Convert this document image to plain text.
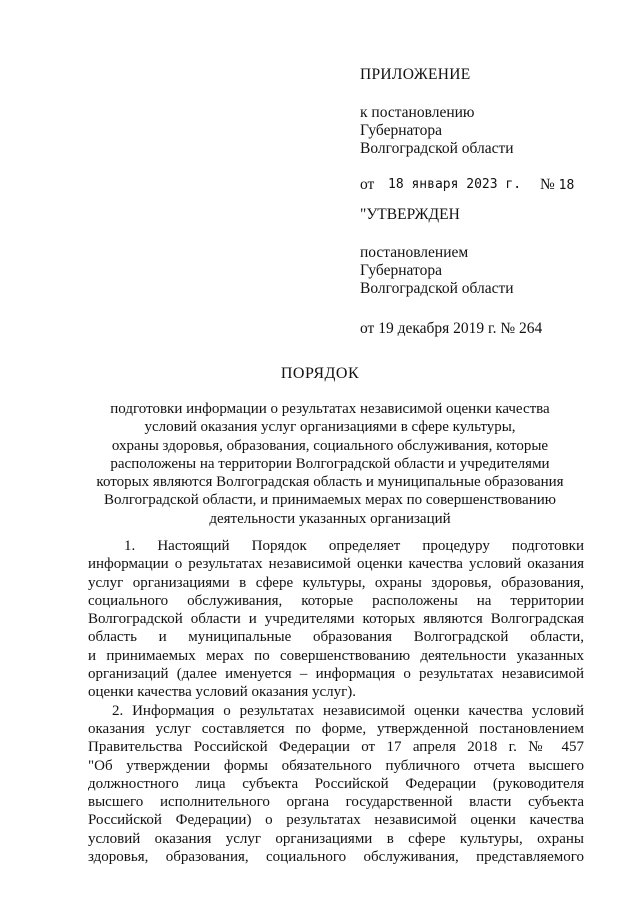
ПРИЛОЖЕНИЕ
к постановлению
Губернатора
Волгоградской области
от 18 января 2023 г. № 18
"УТВЕРЖДЕН
постановлением
Губернатора
Волгоградской области
от 19 декабря 2019 г. № 264
ПОРЯДОК
подготовки информации о результатах независимой оценки качества
условий оказания услуг организациями в сфере культуры,
охраны здоровья, образования, социального обслуживания, которые
расположены на территории Волгоградской области и учредителями
которых являются Волгоградская область и муниципальные образования
Волгоградской области, и принимаемых мерах по совершенствованию
деятельности указанных организаций
1. Настоящий Порядок определяет процедуру подготовки
информации о результатах независимой оценки качества условий оказания
услуг организациями в сфере культуры, охраны здоровья, образования,
социального обслуживания, которые расположены на территории
Волгоградской области и учредителями которых являются Волгоградская
область и муниципальные образования Волгоградской области,
и принимаемых мерах по совершенствованию деятельности указанных
организаций (далее именуется – информация о результатах независимой
оценки качества условий оказания услуг).
2. Информация о результатах независимой оценки качества условий
оказания услуг составляется по форме, утвержденной постановлением
Правительства Российской Федерации от 17 апреля 2018 г. № 457
"Об утверждении формы обязательного публичного отчета высшего
должностного лица субъекта Российской Федерации (руководителя
высшего исполнительного органа государственной власти субъекта
Российской Федерации) о результатах независимой оценки качества
условий оказания услуг организациями в сфере культуры, охраны
здоровья, образования, социального обслуживания, представляемого
